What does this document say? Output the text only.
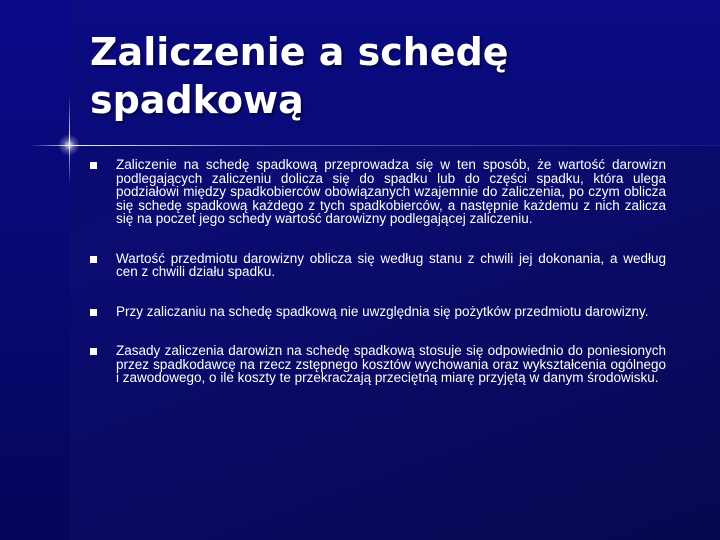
Zaliczenie a schedę spadkową
Zaliczenie na schedę spadkową przeprowadza się w ten sposób, że wartość darowizn podlegających zaliczeniu dolicza się do spadku lub do części spadku, która ulega podziałowi między spadkobierców obowiązanych wzajemnie do zaliczenia, po czym oblicza się schedę spadkową każdego z tych spadkobierców, a następnie każdemu z nich zalicza się na poczet jego schedy wartość darowizny podlegającej zaliczeniu.
Wartość przedmiotu darowizny oblicza się według stanu z chwili jej dokonania, a według cen z chwili działu spadku.
Przy zaliczaniu na schedę spadkową nie uwzględnia się pożytków przedmiotu darowizny.
Zasady zaliczenia darowizn na schedę spadkową stosuje się odpowiednio do poniesionych przez spadkodawcę na rzecz zstępnego kosztów wychowania oraz wykształcenia ogólnego i zawodowego, o ile koszty te przekraczają przeciętną miarę przyjętą w danym środowisku.
